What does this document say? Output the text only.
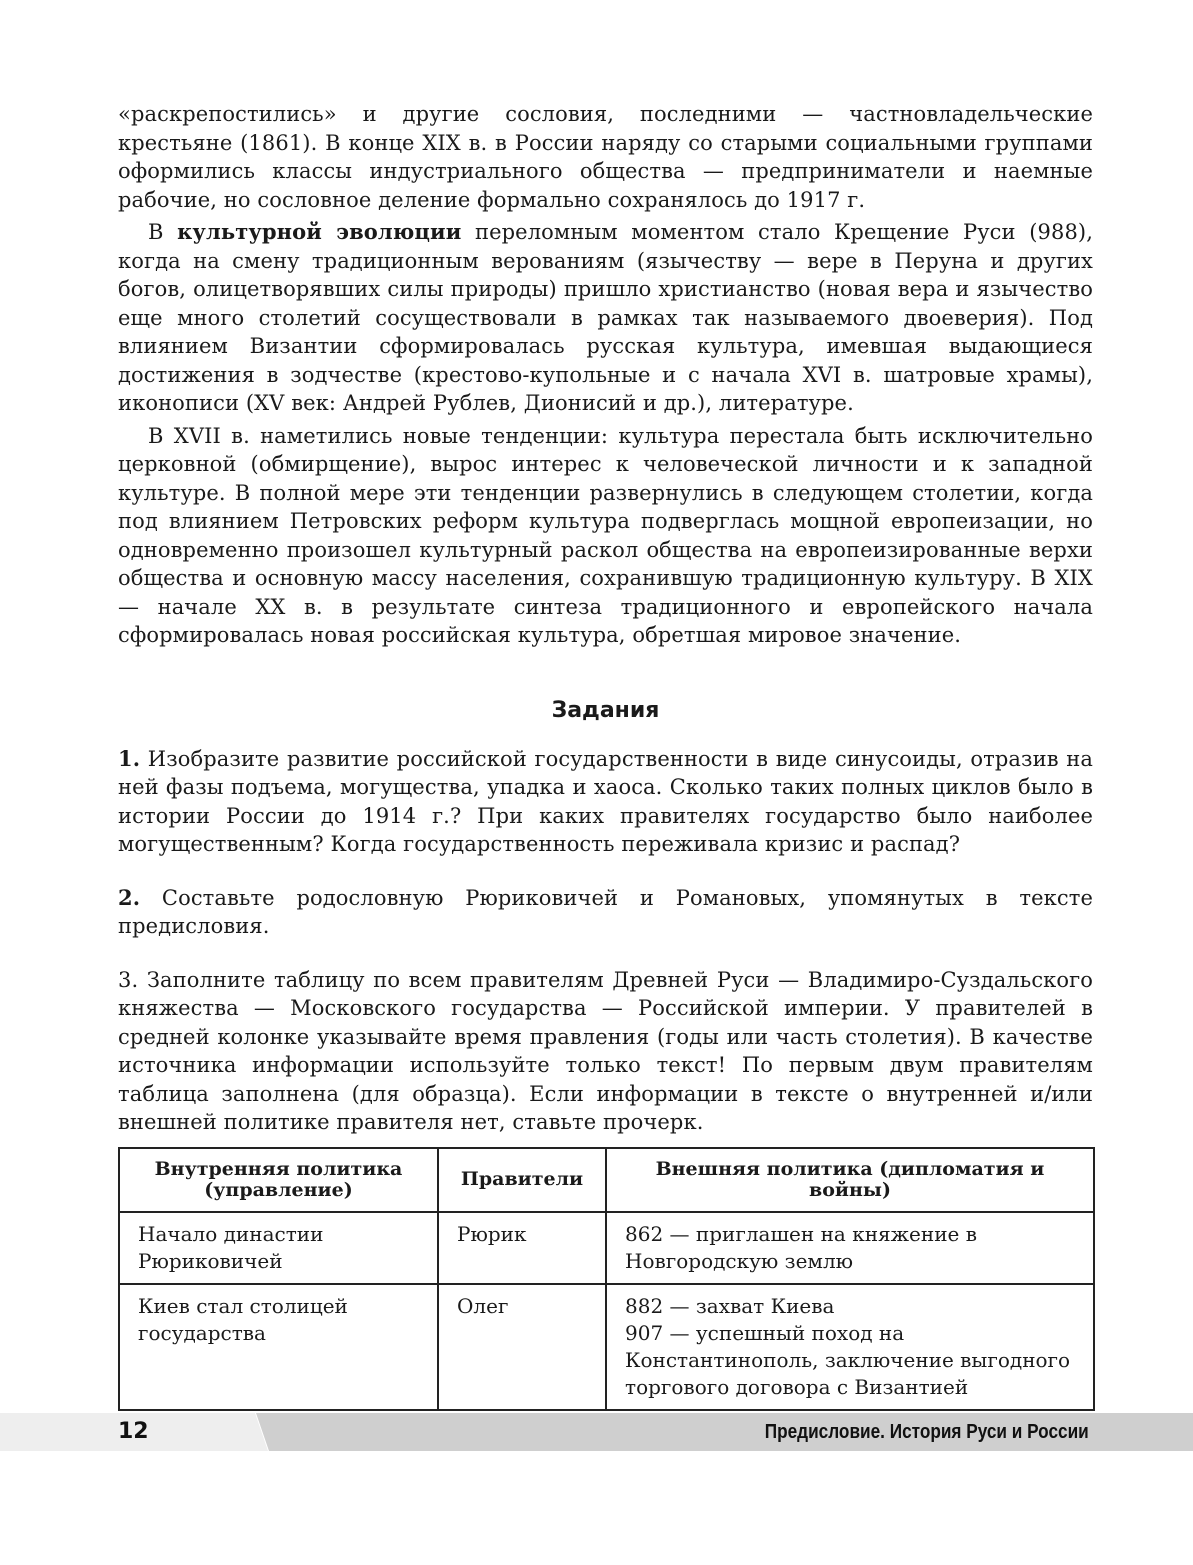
«раскрепостились» и другие сословия, последними — частновладельческие крестьяне (1861). В конце XIX в. в России наряду со старыми социальными группами оформились классы индустриального общества — предприниматели и наемные рабочие, но сословное деление формально сохранялось до 1917 г.

В культурной эволюции переломным моментом стало Крещение Руси (988), когда на смену традиционным верованиям (язычеству — вере в Перуна и других богов, олицетворявших силы природы) пришло христианство (новая вера и язычество еще много столетий сосуществовали в рамках так называемого двоеверия). Под влиянием Византии сформировалась русская культура, имевшая выдающиеся достижения в зодчестве (крестово-купольные и с начала XVI в. шатровые храмы), иконописи (XV век: Андрей Рублев, Дионисий и др.), литературе.

В XVII в. наметились новые тенденции: культура перестала быть исключительно церковной (обмирщение), вырос интерес к человеческой личности и к западной культуре. В полной мере эти тенденции развернулись в следующем столетии, когда под влиянием Петровских реформ культура подверглась мощной европеизации, но одновременно произошел культурный раскол общества на европеизированные верхи общества и основную массу населения, сохранившую традиционную культуру. В XIX — начале XX в. в результате синтеза традиционного и европейского начала сформировалась новая российская культура, обретшая мировое значение.

Задания

1. Изобразите развитие российской государственности в виде синусоиды, отразив на ней фазы подъема, могущества, упадка и хаоса. Сколько таких полных циклов было в истории России до 1914 г.? При каких правителях государство было наиболее могущественным? Когда государственность переживала кризис и распад?

2. Составьте родословную Рюриковичей и Романовых, упомянутых в тексте предисловия.

3. Заполните таблицу по всем правителям Древней Руси — Владимиро-Суздальского княжества — Московского государства — Российской империи. У правителей в средней колонке указывайте время правления (годы или часть столетия). В качестве источника информации используйте только текст! По первым двум правителям таблица заполнена (для образца). Если информации в тексте о внутренней и/или внешней политике правителя нет, ставьте прочерк.

Внутренняя политика (управление)	Правители	Внешняя политика (дипломатия и войны)
Начало династии Рюриковичей	Рюрик	862 — приглашен на княжение в Новгородскую землю

Киев стал столицей государства	Олег	882 — захват Киева
907 — успешный поход на Константинополь, заключение выгодного торгового договора с Византией
12	Предисловие. История Руси и России
